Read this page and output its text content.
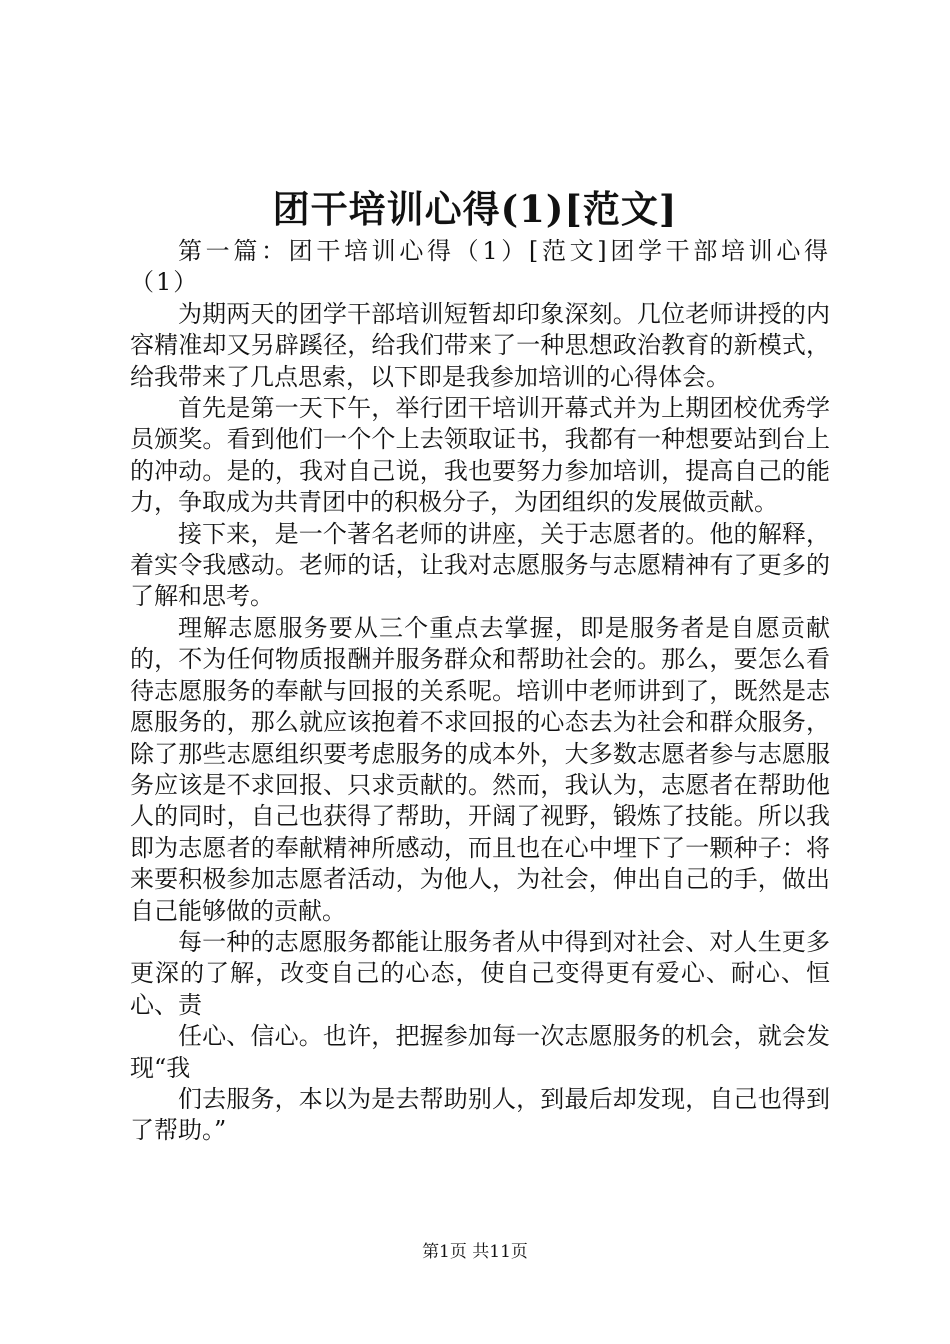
团干培训心得(1)[范文]

第一篇：团干培训心得（1）[范文]团学干部培训心得（1）

为期两天的团学干部培训短暂却印象深刻。几位老师讲授的内容精准却又另辟蹊径，给我们带来了一种思想政治教育的新模式，给我带来了几点思索，以下即是我参加培训的心得体会。

首先是第一天下午，举行团干培训开幕式并为上期团校优秀学员颁奖。看到他们一个个上去领取证书，我都有一种想要站到台上的冲动。是的，我对自己说，我也要努力参加培训，提高自己的能力，争取成为共青团中的积极分子，为团组织的发展做贡献。

接下来，是一个著名老师的讲座，关于志愿者的。他的解释，着实令我感动。老师的话，让我对志愿服务与志愿精神有了更多的了解和思考。

理解志愿服务要从三个重点去掌握，即是服务者是自愿贡献的，不为任何物质报酬并服务群众和帮助社会的。那么，要怎么看待志愿服务的奉献与回报的关系呢。培训中老师讲到了，既然是志愿服务的，那么就应该抱着不求回报的心态去为社会和群众服务，除了那些志愿组织要考虑服务的成本外，大多数志愿者参与志愿服务应该是不求回报、只求贡献的。然而，我认为，志愿者在帮助他人的同时，自己也获得了帮助，开阔了视野，锻炼了技能。所以我即为志愿者的奉献精神所感动，而且也在心中埋下了一颗种子：将来要积极参加志愿者活动，为他人，为社会，伸出自己的手，做出自己能够做的贡献。

每一种的志愿服务都能让服务者从中得到对社会、对人生更多更深的了解，改变自己的心态，使自己变得更有爱心、耐心、恒心、责

任心、信心。也许，把握参加每一次志愿服务的机会，就会发现“我

们去服务，本以为是去帮助别人，到最后却发现，自己也得到了帮助。”

第1页 共11页
